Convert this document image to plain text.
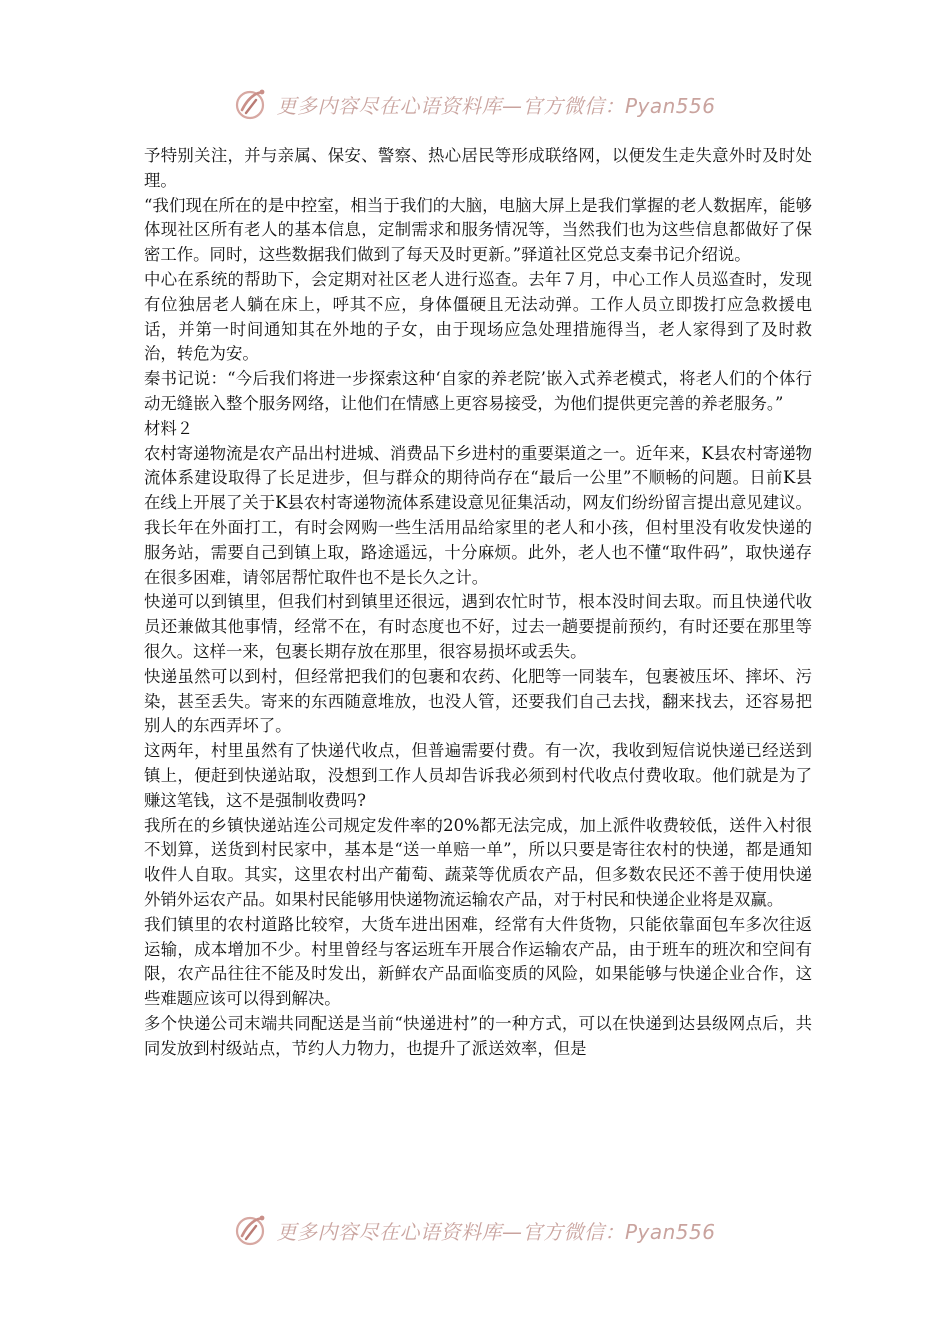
更多内容尽在心语资料库—官方微信：Pyan556

予特别关注，并与亲属、保安、警察、热心居民等形成联络网，以便发生走失意外时及时处理。

“我们现在所在的是中控室，相当于我们的大脑，电脑大屏上是我们掌握的老人数据库，能够体现社区所有老人的基本信息，定制需求和服务情况等，当然我们也为这些信息都做好了保密工作。同时，这些数据我们做到了每天及时更新。”驿道社区党总支秦书记介绍说。

中心在系统的帮助下，会定期对社区老人进行巡查。去年７月，中心工作人员巡查时，发现有位独居老人躺在床上，呼其不应，身体僵硬且无法动弹。工作人员立即拨打应急救援电话，并第一时间通知其在外地的子女，由于现场应急处理措施得当，老人家得到了及时救治，转危为安。

秦书记说：“今后我们将进一步探索这种‘自家的养老院’嵌入式养老模式，将老人们的个体行动无缝嵌入整个服务网络，让他们在情感上更容易接受，为他们提供更完善的养老服务。”

材料２

农村寄递物流是农产品出村进城、消费品下乡进村的重要渠道之一。近年来，K县农村寄递物流体系建设取得了长足进步，但与群众的期待尚存在“最后一公里”不顺畅的问题。日前K县在线上开展了关于K县农村寄递物流体系建设意见征集活动，网友们纷纷留言提出意见建议。

我长年在外面打工，有时会网购一些生活用品给家里的老人和小孩，但村里没有收发快递的服务站，需要自己到镇上取，路途遥远，十分麻烦。此外，老人也不懂“取件码”，取快递存在很多困难，请邻居帮忙取件也不是长久之计。

快递可以到镇里，但我们村到镇里还很远，遇到农忙时节，根本没时间去取。而且快递代收员还兼做其他事情，经常不在，有时态度也不好，过去一趟要提前预约，有时还要在那里等很久。这样一来，包裹长期存放在那里，很容易损坏或丢失。

快递虽然可以到村，但经常把我们的包裹和农药、化肥等一同装车，包裹被压坏、摔坏、污染，甚至丢失。寄来的东西随意堆放，也没人管，还要我们自己去找，翻来找去，还容易把别人的东西弄坏了。

这两年，村里虽然有了快递代收点，但普遍需要付费。有一次，我收到短信说快递已经送到镇上，便赶到快递站取，没想到工作人员却告诉我必须到村代收点付费收取。他们就是为了赚这笔钱，这不是强制收费吗?

我所在的乡镇快递站连公司规定发件率的20%都无法完成，加上派件收费较低，送件入村很不划算，送货到村民家中，基本是“送一单赔一单”，所以只要是寄往农村的快递，都是通知收件人自取。其实，这里农村出产葡萄、蔬菜等优质农产品，但多数农民还不善于使用快递外销外运农产品。如果村民能够用快递物流运输农产品，对于村民和快递企业将是双赢。

我们镇里的农村道路比较窄，大货车进出困难，经常有大件货物，只能依靠面包车多次往返运输，成本增加不少。村里曾经与客运班车开展合作运输农产品，由于班车的班次和空间有限，农产品往往不能及时发出，新鲜农产品面临变质的风险，如果能够与快递企业合作，这些难题应该可以得到解决。

多个快递公司末端共同配送是当前“快递进村”的一种方式，可以在快递到达县级网点后，共同发放到村级站点，节约人力物力，也提升了派送效率，但是

更多内容尽在心语资料库—官方微信：Pyan556
